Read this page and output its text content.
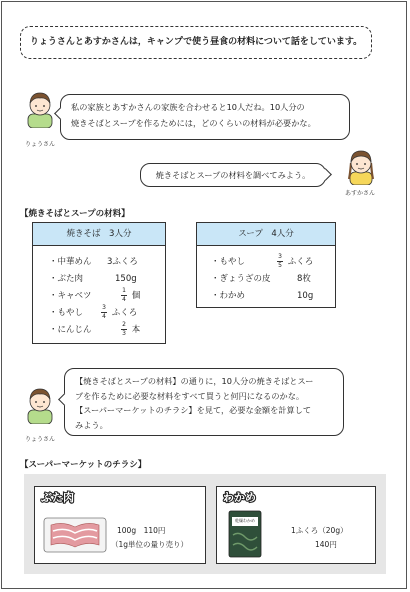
りょうさんとあすかさんは，キャンプで使う昼食の材料について話をしています。
りょうさん
私の家族とあすかさんの家族を合わせると10人だね。10人分の
焼きそばとスープを作るためには，どのくらいの材料が必要かな。
あすかさん
焼きそばとスープの材料を調べてみよう。
【焼きそばとスープの材料】
焼きそば　3人分
・中華めん 3ふくろ
・ぶた肉	150g
・キャベツ	$\frac{1}{4}$ 個
・もやし	$\frac{3}{4}$ ふくろ
・にんじん	$\frac{2}{3}$ 本
スープ　4人分
・もやし	$\frac{3}{5}$ ふくろ
・ぎょうざの皮	8枚
・わかめ	10g
りょうさん
【焼きそばとスープの材料】の通りに，10人分の焼きそばとスー
プを作るために必要な材料をすべて買うと何円になるのかな。
【スーパーマーケットのチラシ】を見て，必要な金額を計算して
みよう。
【スーパーマーケットのチラシ】
ぶた肉
100g　110円
（1g単位の量り売り）
わかめ
乾燥わかめ
1ふくろ（20g）
140円
